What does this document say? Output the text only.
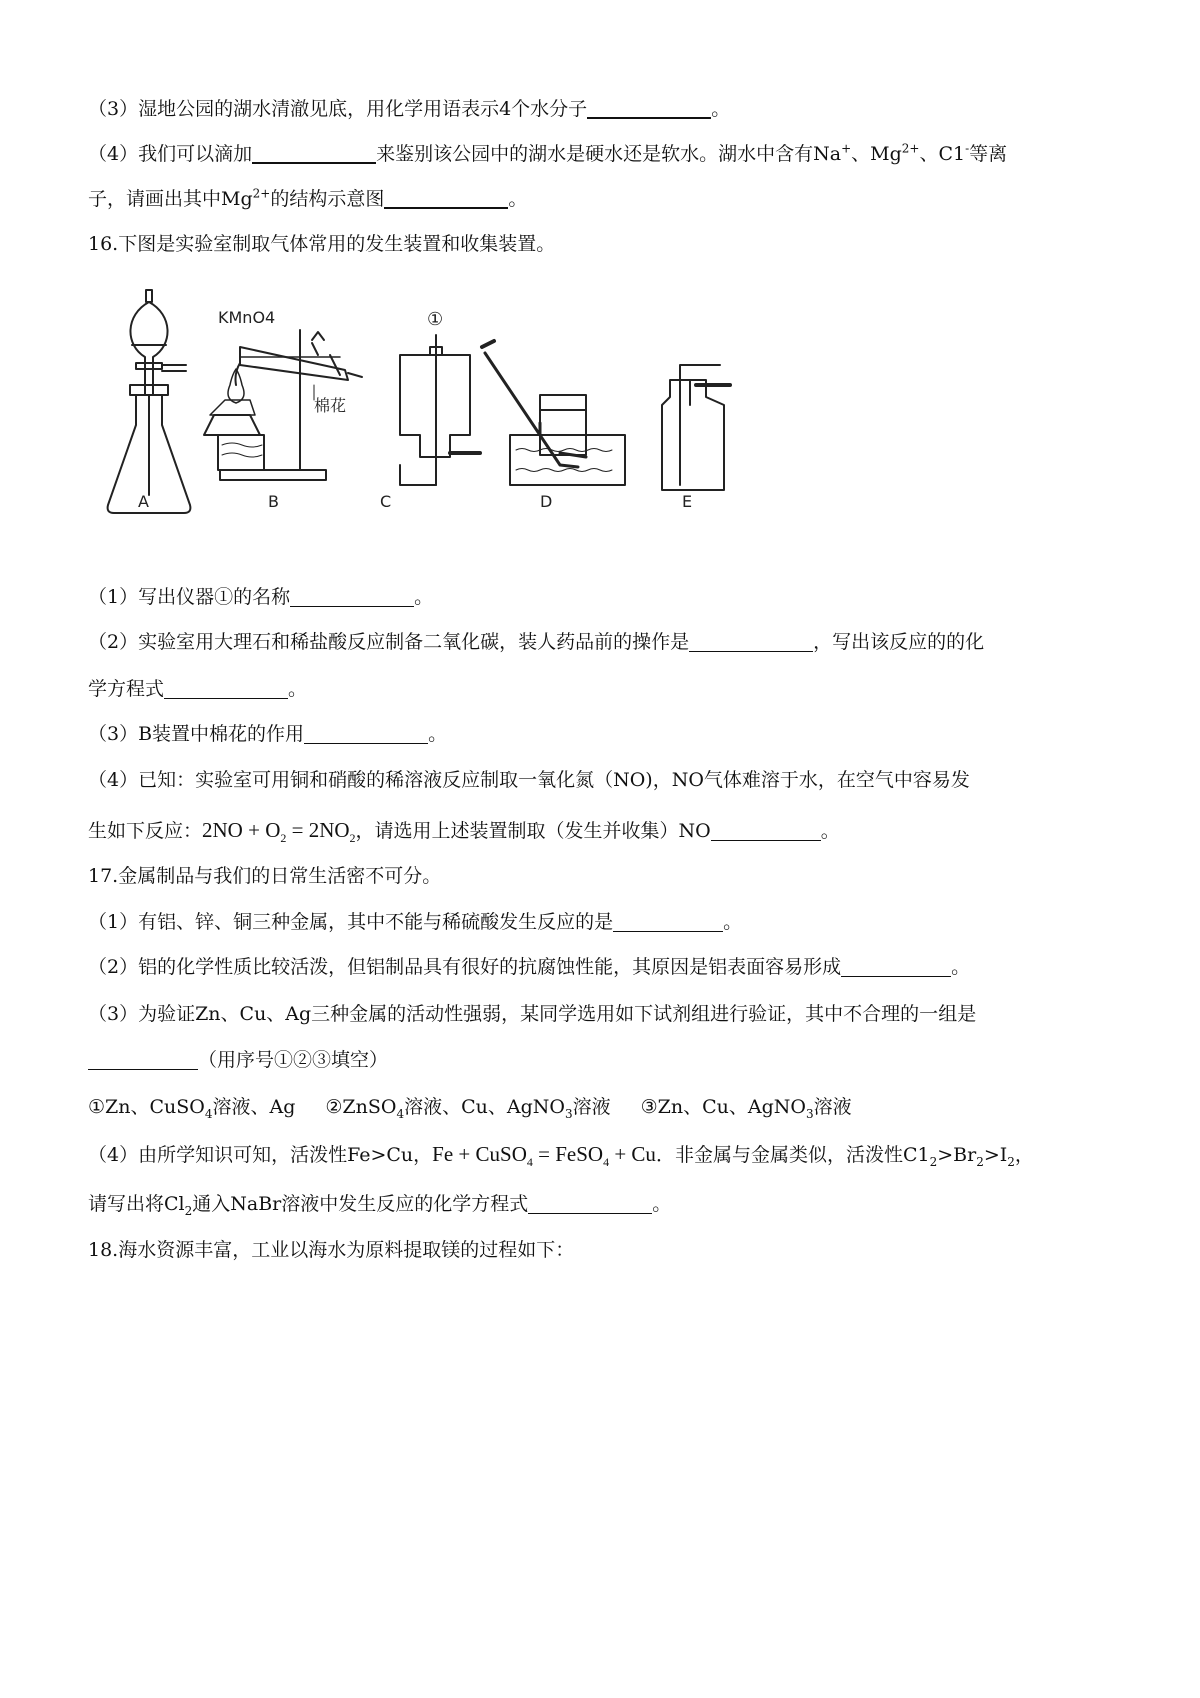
（3）湿地公园的湖水清澈见底，用化学用语表示4个水分子	。
（4）我们可以滴加	来鉴别该公园中的湖水是硬水还是软水。湖水中含有Na+、$Mg^{2+}$、C1-等离
子，请画出其中$Mg^{2+}$的结构示意图	。
16.下图是实验室制取气体常用的发生装置和收集装置。
KMnO4
棉花
①
A	B	C	D	E
（1）写出仪器①的名称	。
（2）实验室用大理石和稀盐酸反应制备二氧化碳，装人药品前的操作是	，写出该反应的的化
学方程式	。
（3）B装置中棉花的作用	。
（4）已知：实验室可用铜和硝酸的稀溶液反应制取一氧化氮（NO)，NO气体难溶于水，在空气中容易发
生如下反应：$2NO + O_2 = 2NO_2$，请选用上述装置制取（发生并收集）NO	。
17.金属制品与我们的日常生活密不可分。
（1）有铝、锌、铜三种金属，其中不能与稀硫酸发生反应的是	。
（2）铝的化学性质比较活泼，但铝制品具有很好的抗腐蚀性能，其原因是铝表面容易形成	。
（3）为验证Zn、Cu、Ag三种金属的活动性强弱，某同学选用如下试剂组进行验证，其中不合理的一组是
（用序号①②③填空）
①Zn、CuSO$_4$溶液、Ag ②ZnSO$_4$溶液、Cu、AgNO$_3$溶液 ③Zn、Cu、AgNO$_3$溶液
（4）由所学知识可知，活泼性Fe>Cu，Fe + CuSO$_4$ = FeSO$_4$ + Cu．非金属与金属类似，活泼性$C1_2>Br_2>I_2$，
请写出将$Cl_2$通入NaBr溶液中发生反应的化学方程式	。
18.海水资源丰富，工业以海水为原料提取镁的过程如下：
